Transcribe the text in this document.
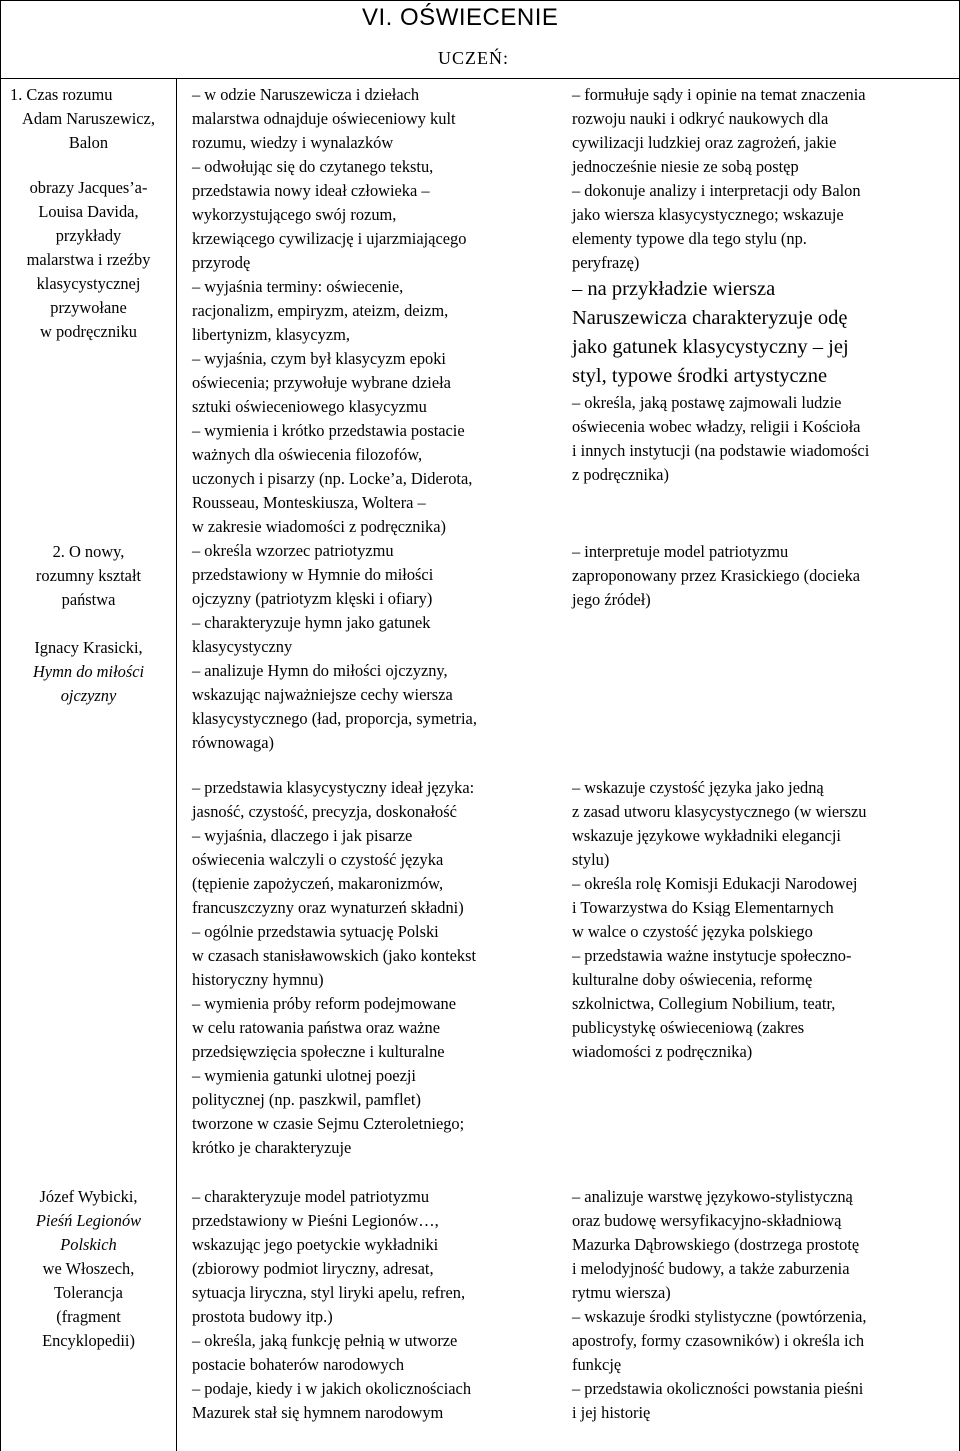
VI. OŚWIECENIE
UCZEŃ:
1. Czas rozumu
Adam Naruszewicz,
Balon
obrazy Jacques’a-
Louisa Davida,
przykłady
malarstwa i rzeźby
klasycystycznej
przywołane
w podręczniku
2. O nowy,
rozumny kształt
państwa
Ignacy Krasicki,
Hymn do miłości
ojczyzny
Józef Wybicki,
Pieśń Legionów
Polskich
we Włoszech,
Tolerancja
(fragment
Encyklopedii)
– w odzie Naruszewicza i dziełach
malarstwa odnajduje oświeceniowy kult
rozumu, wiedzy i wynalazków
– odwołując się do czytanego tekstu,
przedstawia nowy ideał człowieka –
wykorzystującego swój rozum,
krzewiącego cywilizację i ujarzmiającego
przyrodę
– wyjaśnia terminy: oświecenie,
racjonalizm, empiryzm, ateizm, deizm,
libertynizm, klasycyzm,
– wyjaśnia, czym był klasycyzm epoki
oświecenia; przywołuje wybrane dzieła
sztuki oświeceniowego klasycyzmu
– wymienia i krótko przedstawia postacie
ważnych dla oświecenia filozofów,
uczonych i pisarzy (np. Locke’a, Diderota,
Rousseau, Monteskiusza, Woltera –
w zakresie wiadomości z podręcznika)
– określa wzorzec patriotyzmu
przedstawiony w Hymnie do miłości
ojczyzny (patriotyzm klęski i ofiary)
– charakteryzuje hymn jako gatunek
klasycystyczny
– analizuje Hymn do miłości ojczyzny,
wskazując najważniejsze cechy wiersza
klasycystycznego (ład, proporcja, symetria,
równowaga)
– przedstawia klasycystyczny ideał języka:
jasność, czystość, precyzja, doskonałość
– wyjaśnia, dlaczego i jak pisarze
oświecenia walczyli o czystość języka
(tępienie zapożyczeń, makaronizmów,
francuszczyzny oraz wynaturzeń składni)
– ogólnie przedstawia sytuację Polski
w czasach stanisławowskich (jako kontekst
historyczny hymnu)
– wymienia próby reform podejmowane
w celu ratowania państwa oraz ważne
przedsięwzięcia społeczne i kulturalne
– wymienia gatunki ulotnej poezji
politycznej (np. paszkwil, pamflet)
tworzone w czasie Sejmu Czteroletniego;
krótko je charakteryzuje
– charakteryzuje model patriotyzmu
przedstawiony w Pieśni Legionów…,
wskazując jego poetyckie wykładniki
(zbiorowy podmiot liryczny, adresat,
sytuacja liryczna, styl liryki apelu, refren,
prostota budowy itp.)
– określa, jaką funkcję pełnią w utworze
postacie bohaterów narodowych
– podaje, kiedy i w jakich okolicznościach
Mazurek stał się hymnem narodowym
– formułuje sądy i opinie na temat znaczenia
rozwoju nauki i odkryć naukowych dla
cywilizacji ludzkiej oraz zagrożeń, jakie
jednocześnie niesie ze sobą postęp
– dokonuje analizy i interpretacji ody Balon
jako wiersza klasycystycznego; wskazuje
elementy typowe dla tego stylu (np.
peryfrazę)
– na przykładzie wiersza
Naruszewicza charakteryzuje odę
jako gatunek klasycystyczny – jej
styl, typowe środki artystyczne
– określa, jaką postawę zajmowali ludzie
oświecenia wobec władzy, religii i Kościoła
i innych instytucji (na podstawie wiadomości
z podręcznika)
– interpretuje model patriotyzmu
zaproponowany przez Krasickiego (docieka
jego źródeł)
– wskazuje czystość języka jako jedną
z zasad utworu klasycystycznego (w wierszu
wskazuje językowe wykładniki elegancji
stylu)
– określa rolę Komisji Edukacji Narodowej
i Towarzystwa do Ksiąg Elementarnych
w walce o czystość języka polskiego
– przedstawia ważne instytucje społeczno-
kulturalne doby oświecenia, reformę
szkolnictwa, Collegium Nobilium, teatr,
publicystykę oświeceniową (zakres
wiadomości z podręcznika)
– analizuje warstwę językowo-stylistyczną
oraz budowę wersyfikacyjno-składniową
Mazurka Dąbrowskiego (dostrzega prostotę
i melodyjność budowy, a także zaburzenia
rytmu wiersza)
– wskazuje środki stylistyczne (powtórzenia,
apostrofy, formy czasowników) i określa ich
funkcję
– przedstawia okoliczności powstania pieśni
i jej historię
